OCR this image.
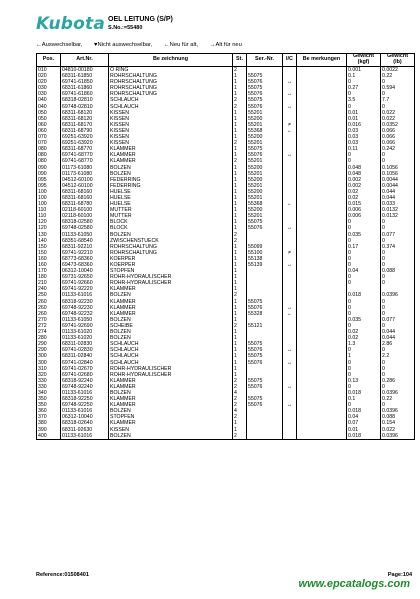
Kubota OEL LEITUNG (S/P)
S.No.:=55480
←Auswechselbar, ♥Nicht auswechselbar, ←Neu für alt, →Alt für neu
Pos.	Art.Nr.	Be zeichnung	St.	Ser.-Nr.	I/C	Be merkungen	Gewicht
(kgf)	Gewicht
(lb)
010	04810-00180	O RING	2				0.001	0.0022
020	68311-61850	ROHRSCHALTUNG	1	55075			0.1	0.22
020	69741-61850	ROHRSCHALTUNG	1	55076	↔		0	0
030	68311-61860	ROHRSCHALTUNG	1	55075			0.27	0.594
030	69741-61860	ROHRSCHALTUNG	1	55076	↔		0	0
040	68318-02810	SCHLAUCH	2	55075			3.5	7.7
040	69748-02810	SCHLAUCH	2	55076	↔		0	0
050	68311-68120	KISSEN	1	55201			0.01	0.022
050	68311-68120	KISSEN	1	55200			0.01	0.022
060	68311-68170	KISSEN	1	55201	≠		0.016	0.0352
060	68311-68790	KISSEN	1	55368	←		0.03	0.066
070	69251-63920	KISSEN	1	55200			0.03	0.066
070	69251-63920	KISSEN	2	55201			0.03	0.066
080	68311-68770	KLAMMER	1	55075			0.11	0.242
080	69741-68770	KLAMMER	1	55076	↔		0	0
080	69741-68770	KLAMMER	2	55201			0	0
090	01173-61080	BOLZEN	1	55200			0.048	0.1056
090	01173-61080	BOLZEN	1	55201			0.048	0.1056
095	04512-60100	FEDERRING	1	55200			0.002	0.0044
095	04512-60100	FEDERRING	1	55201			0.002	0.0044
100	68311-68160	HUELSE	1	55200			0.02	0.044
100	68311-68160	HUELSE	1	55201			0.02	0.044
100	68311-68780	HUELSE	1	55368	←		0.015	0.033
110	02118-60100	MUTTER	1	55200			0.006	0.0132
110	02118-60100	MUTTER	1	55201			0.006	0.0132
120	68318-02580	BLOCK	1	55075			0	0
120	69748-02580	BLOCK	1	55076	↔		0	0
130	01133-61050	BOLZEN	2				0.035	0.077
140	68351-68540	ZWISCHENSTUECK	2				0	0
150	68311-92210	ROHRSCHALTUNG	1	55099			0.17	0.374
150	69741-92210	ROHRSCHALTUNG	1	55100	≠		0	0
160	68773-68360	KOERPER	1	55138			0	0
160	69473-68360	KOERPER	1	55139	↔		0	0
170	06312-10040	STOPFEN	1				0.04	0.088
180	69731-92650	ROHR-HYDRAULISCHER	1				0	0
210	69741-92660	ROHR-HYDRAULISCHER	1				0	0
240	69741-92220	KLAMMER	1					
250	01133-61016	BOLZEN	2				0.018	0.0396
260	68318-92230	KLAMMER	1	55075			0	0
260	69748-92230	KLAMMER	1	55076	↔		0	0
260	69748-92232	KLAMMER	1	55328	←		0	0
270	01133-61050	BOLZEN	1				0.035	0.077
272	69741-92690	SCHEIBE	2	55121			0	0
274	01133-61020	BOLZEN	1				0.02	0.044
280	01133-61020	BOLZEN	1				0.02	0.044
290	68311-02830	SCHLAUCH	1	55075			1.3	2.86
290	69741-02830	SCHLAUCH	1	55076	↔		0	0
300	68311-02840	SCHLAUCH	1	55075			1	2.2
300	69741-02840	SCHLAUCH	1	55076	↔		0	0
310	69741-02670	ROHR-HYDRAULISCHER	1				0	0
320	69741-02680	ROHR-HYDRAULISCHER	1				0	0
330	68318-92240	KLAMMER	2	55075			0.13	0.286
330	69748-92240	KLAMMER	2	55076	↔		0	0
340	01133-61016	BOLZEN	4				0.018	0.0396
350	68318-92250	KLAMMER	2	55075			0.1	0.22
350	69748-92250	KLAMMER	2	55076	↔		0	0
360	01133-61016	BOLZEN	4				0.018	0.0396
370	06312-10040	STOPFEN	2				0.04	0.088
380	68318-02640	KLAMMER	1				0.07	0.154
390	68311-92630	KISSEN	1				0.01	0.022
400	01133-61016	BOLZEN	2				0.018	0.0396
Reference:01508401	Page:104
www.epcatalogs.com
